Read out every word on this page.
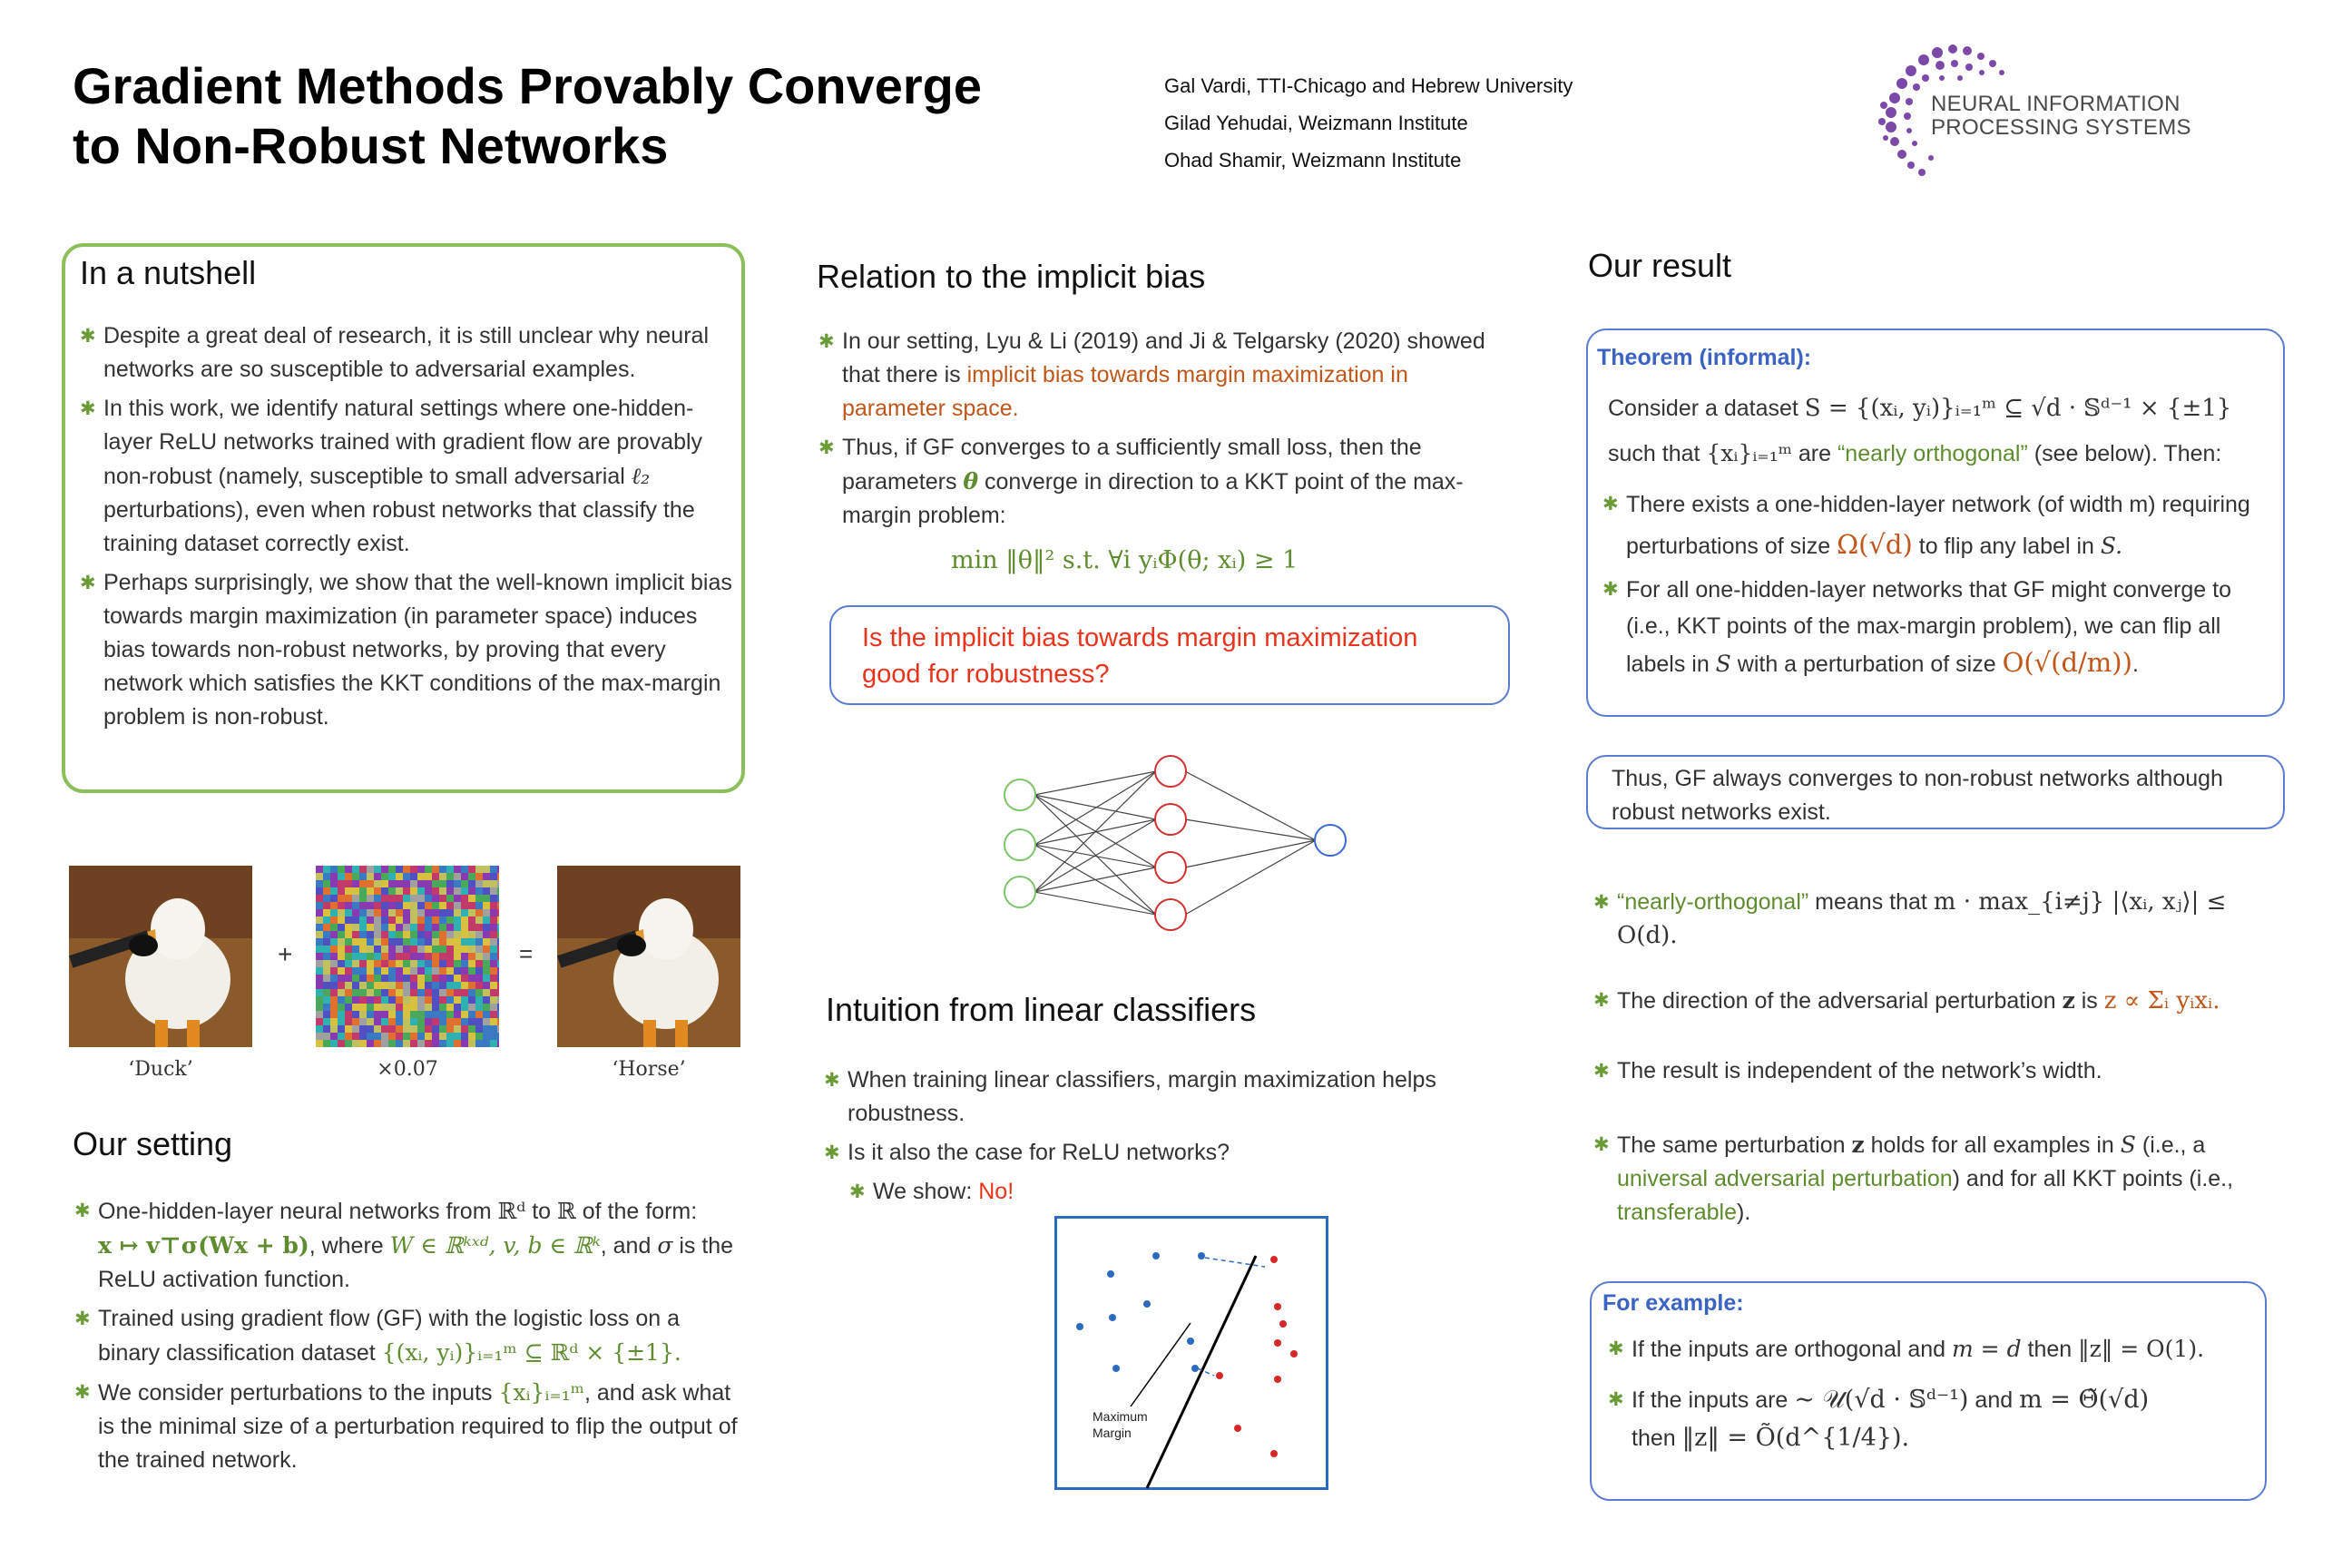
Gradient Methods Provably Converge
to Non-Robust Networks
Gal Vardi, TTI-Chicago and Hebrew University
Gilad Yehudai, Weizmann Institute
Ohad Shamir, Weizmann Institute
NEURAL INFORMATION
PROCESSING SYSTEMS
In a nutshell
✱ Despite a great deal of research, it is still unclear why neural networks are so susceptible to adversarial examples.
✱ In this work, we identify natural settings where one-hidden-layer ReLU networks trained with gradient flow are provably non-robust (namely, susceptible to small adversarial ℓ₂ perturbations), even when robust networks that classify the training dataset correctly exist.
✱ Perhaps surprisingly, we show that the well-known implicit bias towards margin maximization (in parameter space) induces bias towards non-robust networks, by proving that every network which satisfies the KKT conditions of the max-margin problem is non-robust.
+	=
‘Duck’	×0.07	‘Horse’
Our setting
✱ One-hidden-layer neural networks from ℝᵈ to ℝ of the form:
x ↦ v⊤σ(Wx + b), where W ∈ ℝᵏˣᵈ, v, b ∈ ℝᵏ, and σ is the ReLU activation function.
✱ Trained using gradient flow (GF) with the logistic loss on a binary classification dataset {(xᵢ, yᵢ)}ᵢ₌₁ᵐ ⊆ ℝᵈ × {±1}.
✱ We consider perturbations to the inputs {xᵢ}ᵢ₌₁ᵐ, and ask what is the minimal size of a perturbation required to flip the output of the trained network.
Relation to the implicit bias
✱ In our setting, Lyu & Li (2019) and Ji & Telgarsky (2020) showed that there is implicit bias towards margin maximization in parameter space.
✱ Thus, if GF converges to a sufficiently small loss, then the parameters θ converge in direction to a KKT point of the max-margin problem:
min ‖θ‖² s.t. ∀i yᵢΦ(θ; xᵢ) ≥ 1
Is the implicit bias towards margin maximization good for robustness?
Intuition from linear classifiers
✱ When training linear classifiers, margin maximization helps robustness.
✱ Is it also the case for ReLU networks?
✱ We show: No!
Maximum
Margin
Our result
Theorem (informal):
Consider a dataset S = {(xᵢ, yᵢ)}ᵢ₌₁ᵐ ⊆ √d · 𝕊ᵈ⁻¹ × {±1}
such that {xᵢ}ᵢ₌₁ᵐ are “nearly orthogonal” (see below). Then:
✱ There exists a one-hidden-layer network (of width m) requiring perturbations of size Ω(√d) to flip any label in S.
✱ For all one-hidden-layer networks that GF might converge to (i.e., KKT points of the max-margin problem), we can flip all labels in S with a perturbation of size O(√(d/m)).
Thus, GF always converges to non-robust networks although robust networks exist.
✱ “nearly-orthogonal” means that m · max_{i≠j} |⟨xᵢ, xⱼ⟩| ≤ O(d).
✱ The direction of the adversarial perturbation z is z ∝ Σᵢ yᵢxᵢ.
✱ The result is independent of the network’s width.
✱ The same perturbation z holds for all examples in S (i.e., a universal adversarial perturbation) and for all KKT points (i.e., transferable).
For example:
✱ If the inputs are orthogonal and m = d then ‖z‖ = O(1).
✱ If the inputs are ∼ 𝒰(√d · 𝕊ᵈ⁻¹) and m = Θ̃(√d)
then ‖z‖ = Õ(d^{1/4}).
